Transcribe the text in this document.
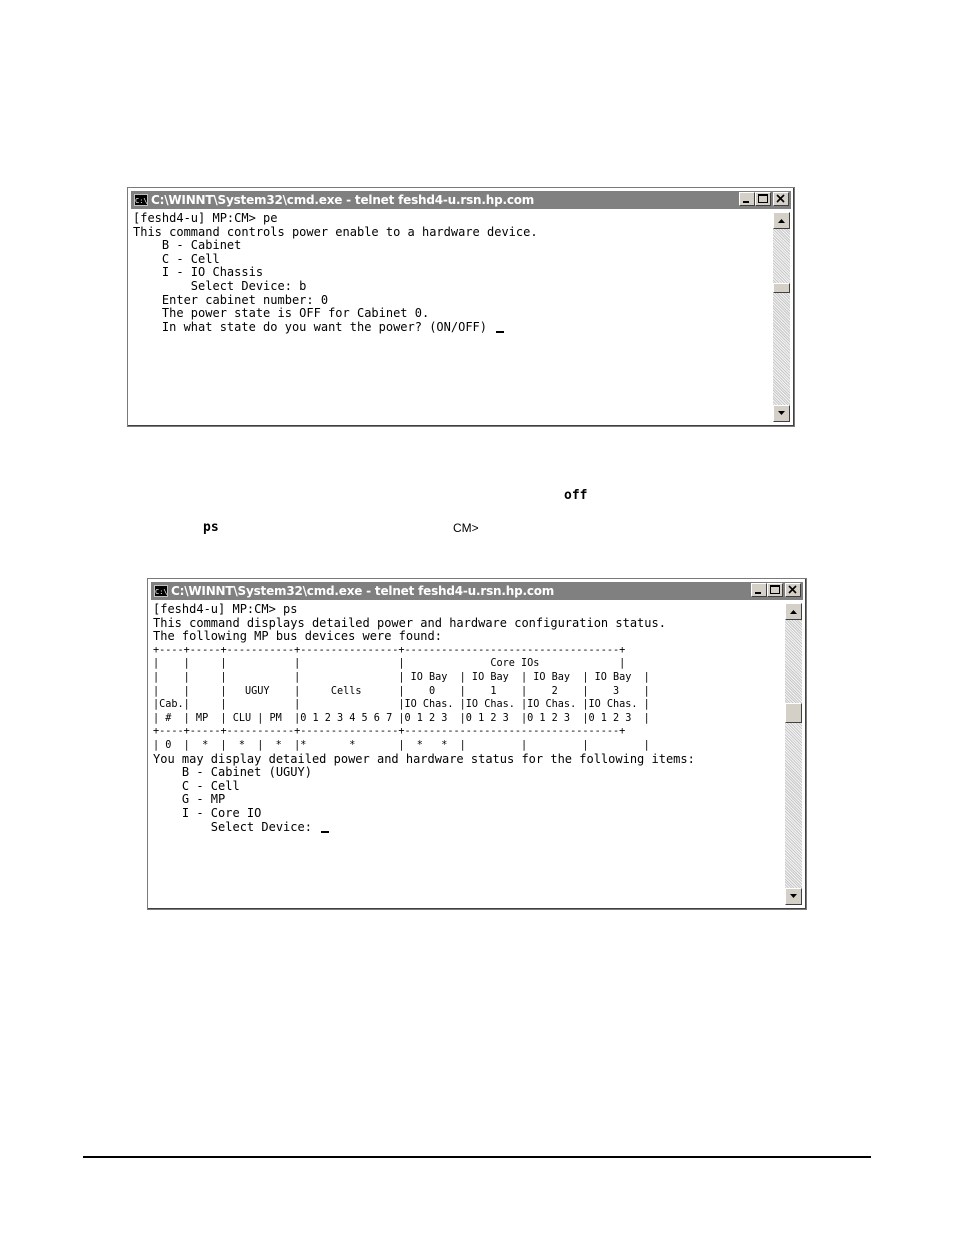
C:\ C:\WINNT\System32\cmd.exe - telnet feshd4-u.rsn.hp.com
[feshd4-u] MP:CM> pe
This command controls power enable to a hardware device.
B - Cabinet
C - Cell
I - IO Chassis
Select Device: b
Enter cabinet number: 0
The power state is OFF for Cabinet 0.
In what state do you want the power? (ON/OFF)
off
ps	CM>
C:\ C:\WINNT\System32\cmd.exe - telnet feshd4-u.rsn.hp.com
[feshd4-u] MP:CM> ps
This command displays detailed power and hardware configuration status.
The following MP bus devices were found:
+----+-----+-----------+----------------+-----------------------------------+
|    |     |           |                |              Core IOs             |
|    |     |           |                | IO Bay  | IO Bay  | IO Bay  | IO Bay  |
|    |     |   UGUY    |     Cells      |    0    |    1    |    2    |    3    |
|Cab.|     |           |                |IO Chas. |IO Chas. |IO Chas. |IO Chas. |
| #  | MP  | CLU | PM  |0 1 2 3 4 5 6 7 |0 1 2 3  |0 1 2 3  |0 1 2 3  |0 1 2 3  |
+----+-----+-----------+----------------+-----------------------------------+
| 0  |  *  |  *  |  *  |*       *       |  *   *  |         |         |         |
You may display detailed power and hardware status for the following items:
B - Cabinet (UGUY)
C - Cell
G - MP
I - Core IO
Select Device:
